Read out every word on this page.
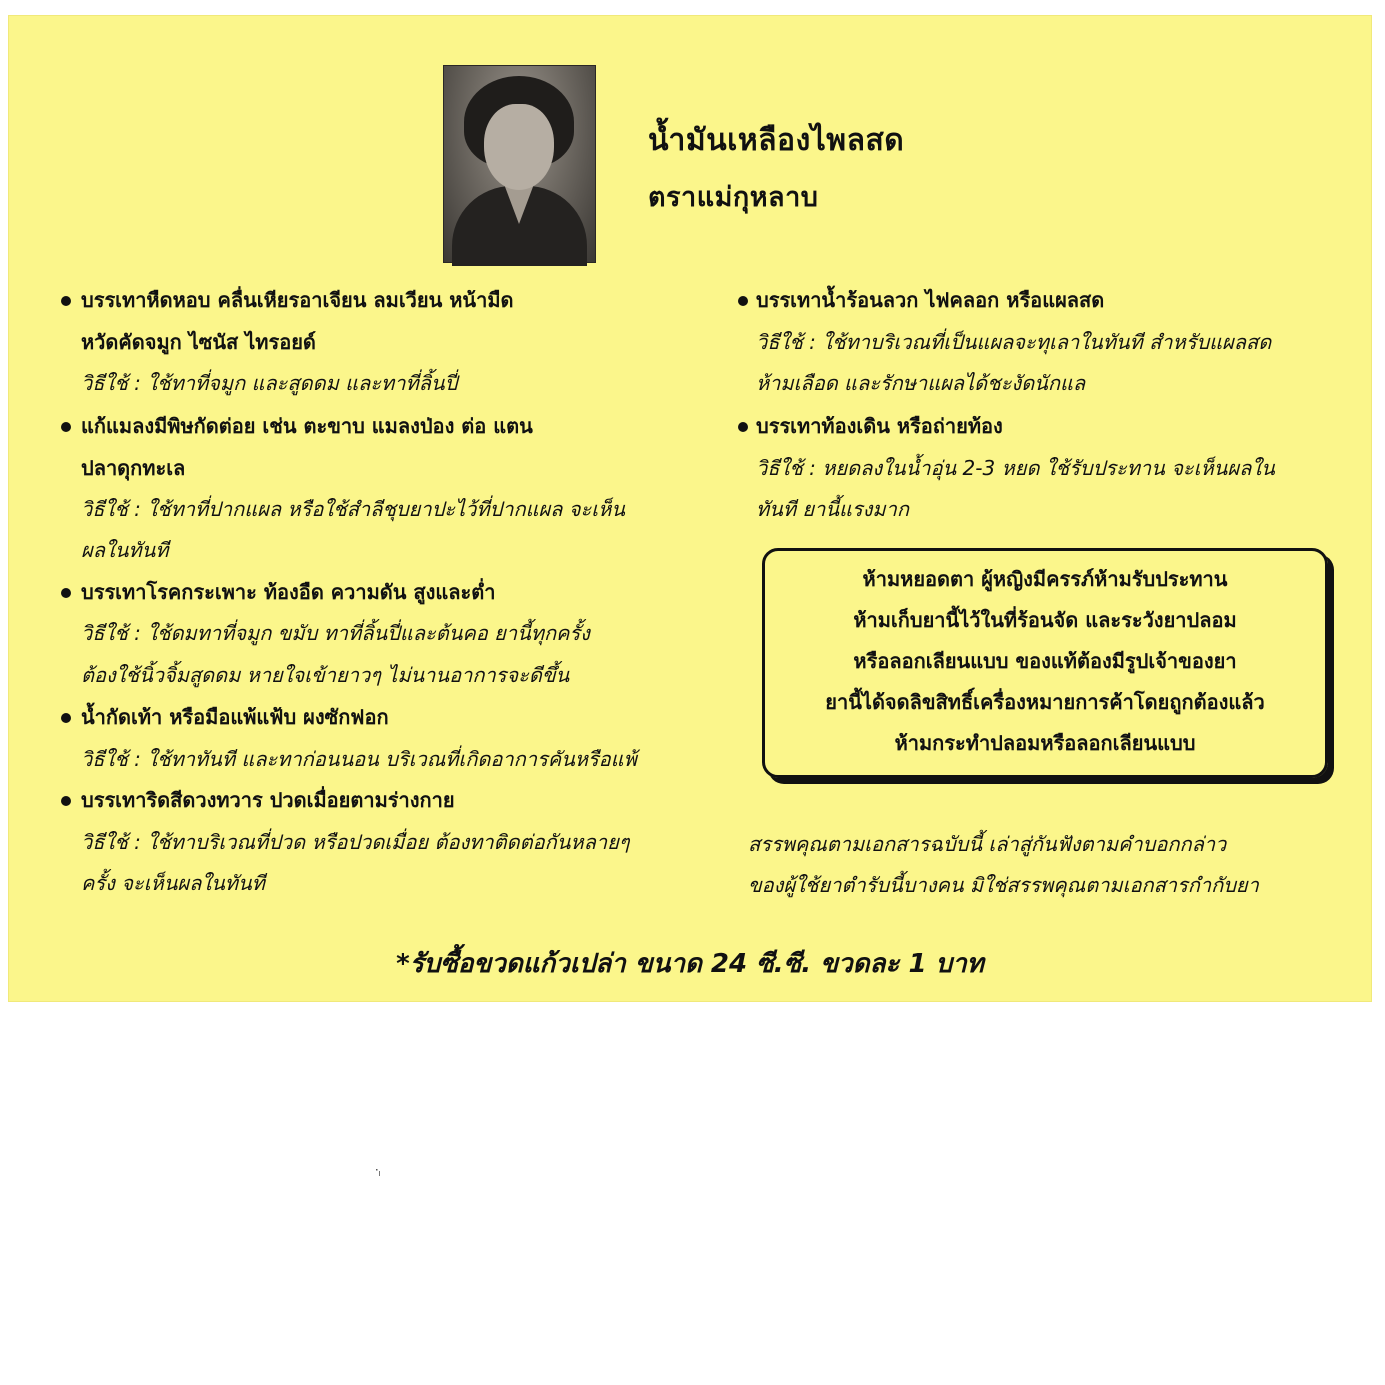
น้ำมันเหลืองไพลสด
ตราแม่กุหลาบ
บรรเทาหืดหอบ คลื่นเหียรอาเจียน ลมเวียน หน้ามืด
หวัดคัดจมูก ไซนัส ไทรอยด์
วิธีใช้ : ใช้ทาที่จมูก และสูดดม และทาที่ลิ้นปี่
แก้แมลงมีพิษกัดต่อย เช่น ตะขาบ แมลงป่อง ต่อ แตน
ปลาดุกทะเล
วิธีใช้ : ใช้ทาที่ปากแผล หรือใช้สำลีชุบยาปะไว้ที่ปากแผล จะเห็น
ผลในทันที
บรรเทาโรคกระเพาะ ท้องอืด ความดัน สูงและต่ำ
วิธีใช้ : ใช้ดมทาที่จมูก ขมับ ทาที่ลิ้นปี่และต้นคอ ยานี้ทุกครั้ง
ต้องใช้นิ้วจิ้มสูดดม หายใจเข้ายาวๆ ไม่นานอาการจะดีขึ้น
น้ำกัดเท้า หรือมือแพ้แฟ้บ ผงซักฟอก
วิธีใช้ : ใช้ทาทันที และทาก่อนนอน บริเวณที่เกิดอาการคันหรือแพ้
บรรเทาริดสีดวงทวาร ปวดเมื่อยตามร่างกาย
วิธีใช้ : ใช้ทาบริเวณที่ปวด หรือปวดเมื่อย ต้องทาติดต่อกันหลายๆ
ครั้ง จะเห็นผลในทันที
บรรเทาน้ำร้อนลวก ไฟคลอก หรือแผลสด
วิธีใช้ : ใช้ทาบริเวณที่เป็นแผลจะทุเลาในทันที สำหรับแผลสด
ห้ามเลือด และรักษาแผลได้ชะงัดนักแล
บรรเทาท้องเดิน หรือถ่ายท้อง
วิธีใช้ : หยดลงในน้ำอุ่น 2-3 หยด ใช้รับประทาน จะเห็นผลใน
ทันที ยานี้แรงมาก
ห้ามหยอดตา ผู้หญิงมีครรภ์ห้ามรับประทาน
ห้ามเก็บยานี้ไว้ในที่ร้อนจัด และระวังยาปลอม
หรือลอกเลียนแบบ ของแท้ต้องมีรูปเจ้าของยา
ยานี้ได้จดลิขสิทธิ์เครื่องหมายการค้าโดยถูกต้องแล้ว
ห้ามกระทำปลอมหรือลอกเลียนแบบ
สรรพคุณตามเอกสารฉบับนี้ เล่าสู่กันฟังตามคำบอกกล่าว
ของผู้ใช้ยาตำรับนี้บางคน มิใช่สรรพคุณตามเอกสารกำกับยา
*รับซื้อขวดแก้วเปล่า ขนาด 24 ซี.ซี. ขวดละ 1 บาท
